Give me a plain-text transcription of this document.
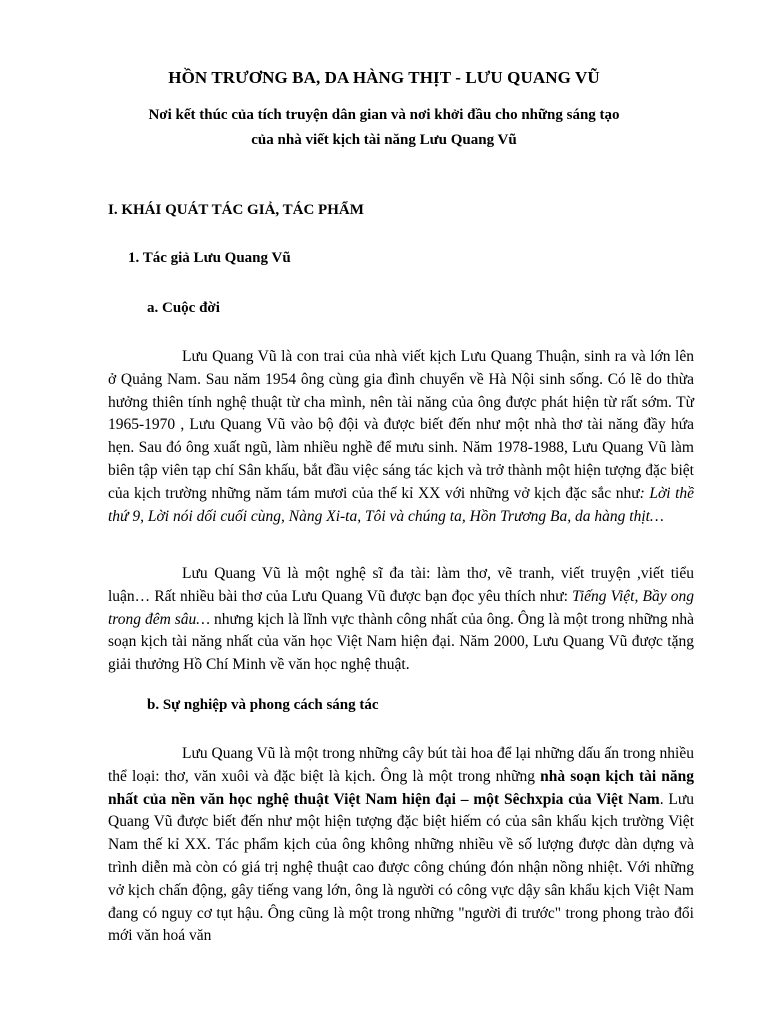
HỒN TRƯƠNG BA, DA HÀNG THỊT - LƯU QUANG VŨ
Nơi kết thúc của tích truyện dân gian và nơi khởi đầu cho những sáng tạo
của nhà viết kịch tài năng Lưu Quang Vũ
I. KHÁI QUÁT TÁC GIẢ, TÁC PHẨM
1. Tác giả Lưu Quang Vũ
a. Cuộc đời
Lưu Quang Vũ là con trai của nhà viết kịch Lưu Quang Thuận, sinh ra và lớn lên ở Quảng Nam. Sau năm 1954 ông cùng gia đình chuyển về Hà Nội sinh sống. Có lẽ do thừa hưởng thiên tính nghệ thuật từ cha mình, nên tài năng của ông được phát hiện từ rất sớm. Từ 1965-1970 , Lưu Quang Vũ vào bộ đội và được biết đến như một nhà thơ tài năng đầy hứa hẹn. Sau đó ông xuất ngũ, làm nhiều nghề để mưu sinh. Năm 1978-1988, Lưu Quang Vũ làm biên tập viên tạp chí Sân khấu, bắt đầu việc sáng tác kịch và trở thành một hiện tượng đặc biệt của kịch trường những năm tám mươi của thế kỉ XX với những vở kịch đặc sắc như: Lời thề thứ 9, Lời nói dối cuối cùng, Nàng Xi-ta, Tôi và chúng ta, Hồn Trương Ba, da hàng thịt…
Lưu Quang Vũ là một nghệ sĩ đa tài: làm thơ, vẽ tranh, viết truyện ,viết tiểu luận… Rất nhiều bài thơ của Lưu Quang Vũ được bạn đọc yêu thích như: Tiếng Việt, Bầy ong trong đêm sâu… nhưng kịch là lĩnh vực thành công nhất của ông. Ông là một trong những nhà soạn kịch tài năng nhất của văn học Việt Nam hiện đại. Năm 2000, Lưu Quang Vũ được tặng giải thưởng Hồ Chí Minh về văn học nghệ thuật.
b. Sự nghiệp và phong cách sáng tác
Lưu Quang Vũ là một trong những cây bút tài hoa để lại những dấu ấn trong nhiều thể loại: thơ, văn xuôi và đặc biệt là kịch. Ông là một trong những nhà soạn kịch tài năng nhất của nền văn học nghệ thuật Việt Nam hiện đại – một Sêchxpia của Việt Nam. Lưu Quang Vũ được biết đến như một hiện tượng đặc biệt hiếm có của sân khấu kịch trường Việt Nam thế kỉ XX. Tác phẩm kịch của ông không những nhiều về số lượng được dàn dựng và trình diễn mà còn có giá trị nghệ thuật cao được công chúng đón nhận nồng nhiệt. Với những vở kịch chấn động, gây tiếng vang lớn, ông là người có công vực dậy sân khẩu kịch Việt Nam đang có nguy cơ tụt hậu. Ông cũng là một trong những "người đi trước" trong phong trào đổi mới văn hoá văn
